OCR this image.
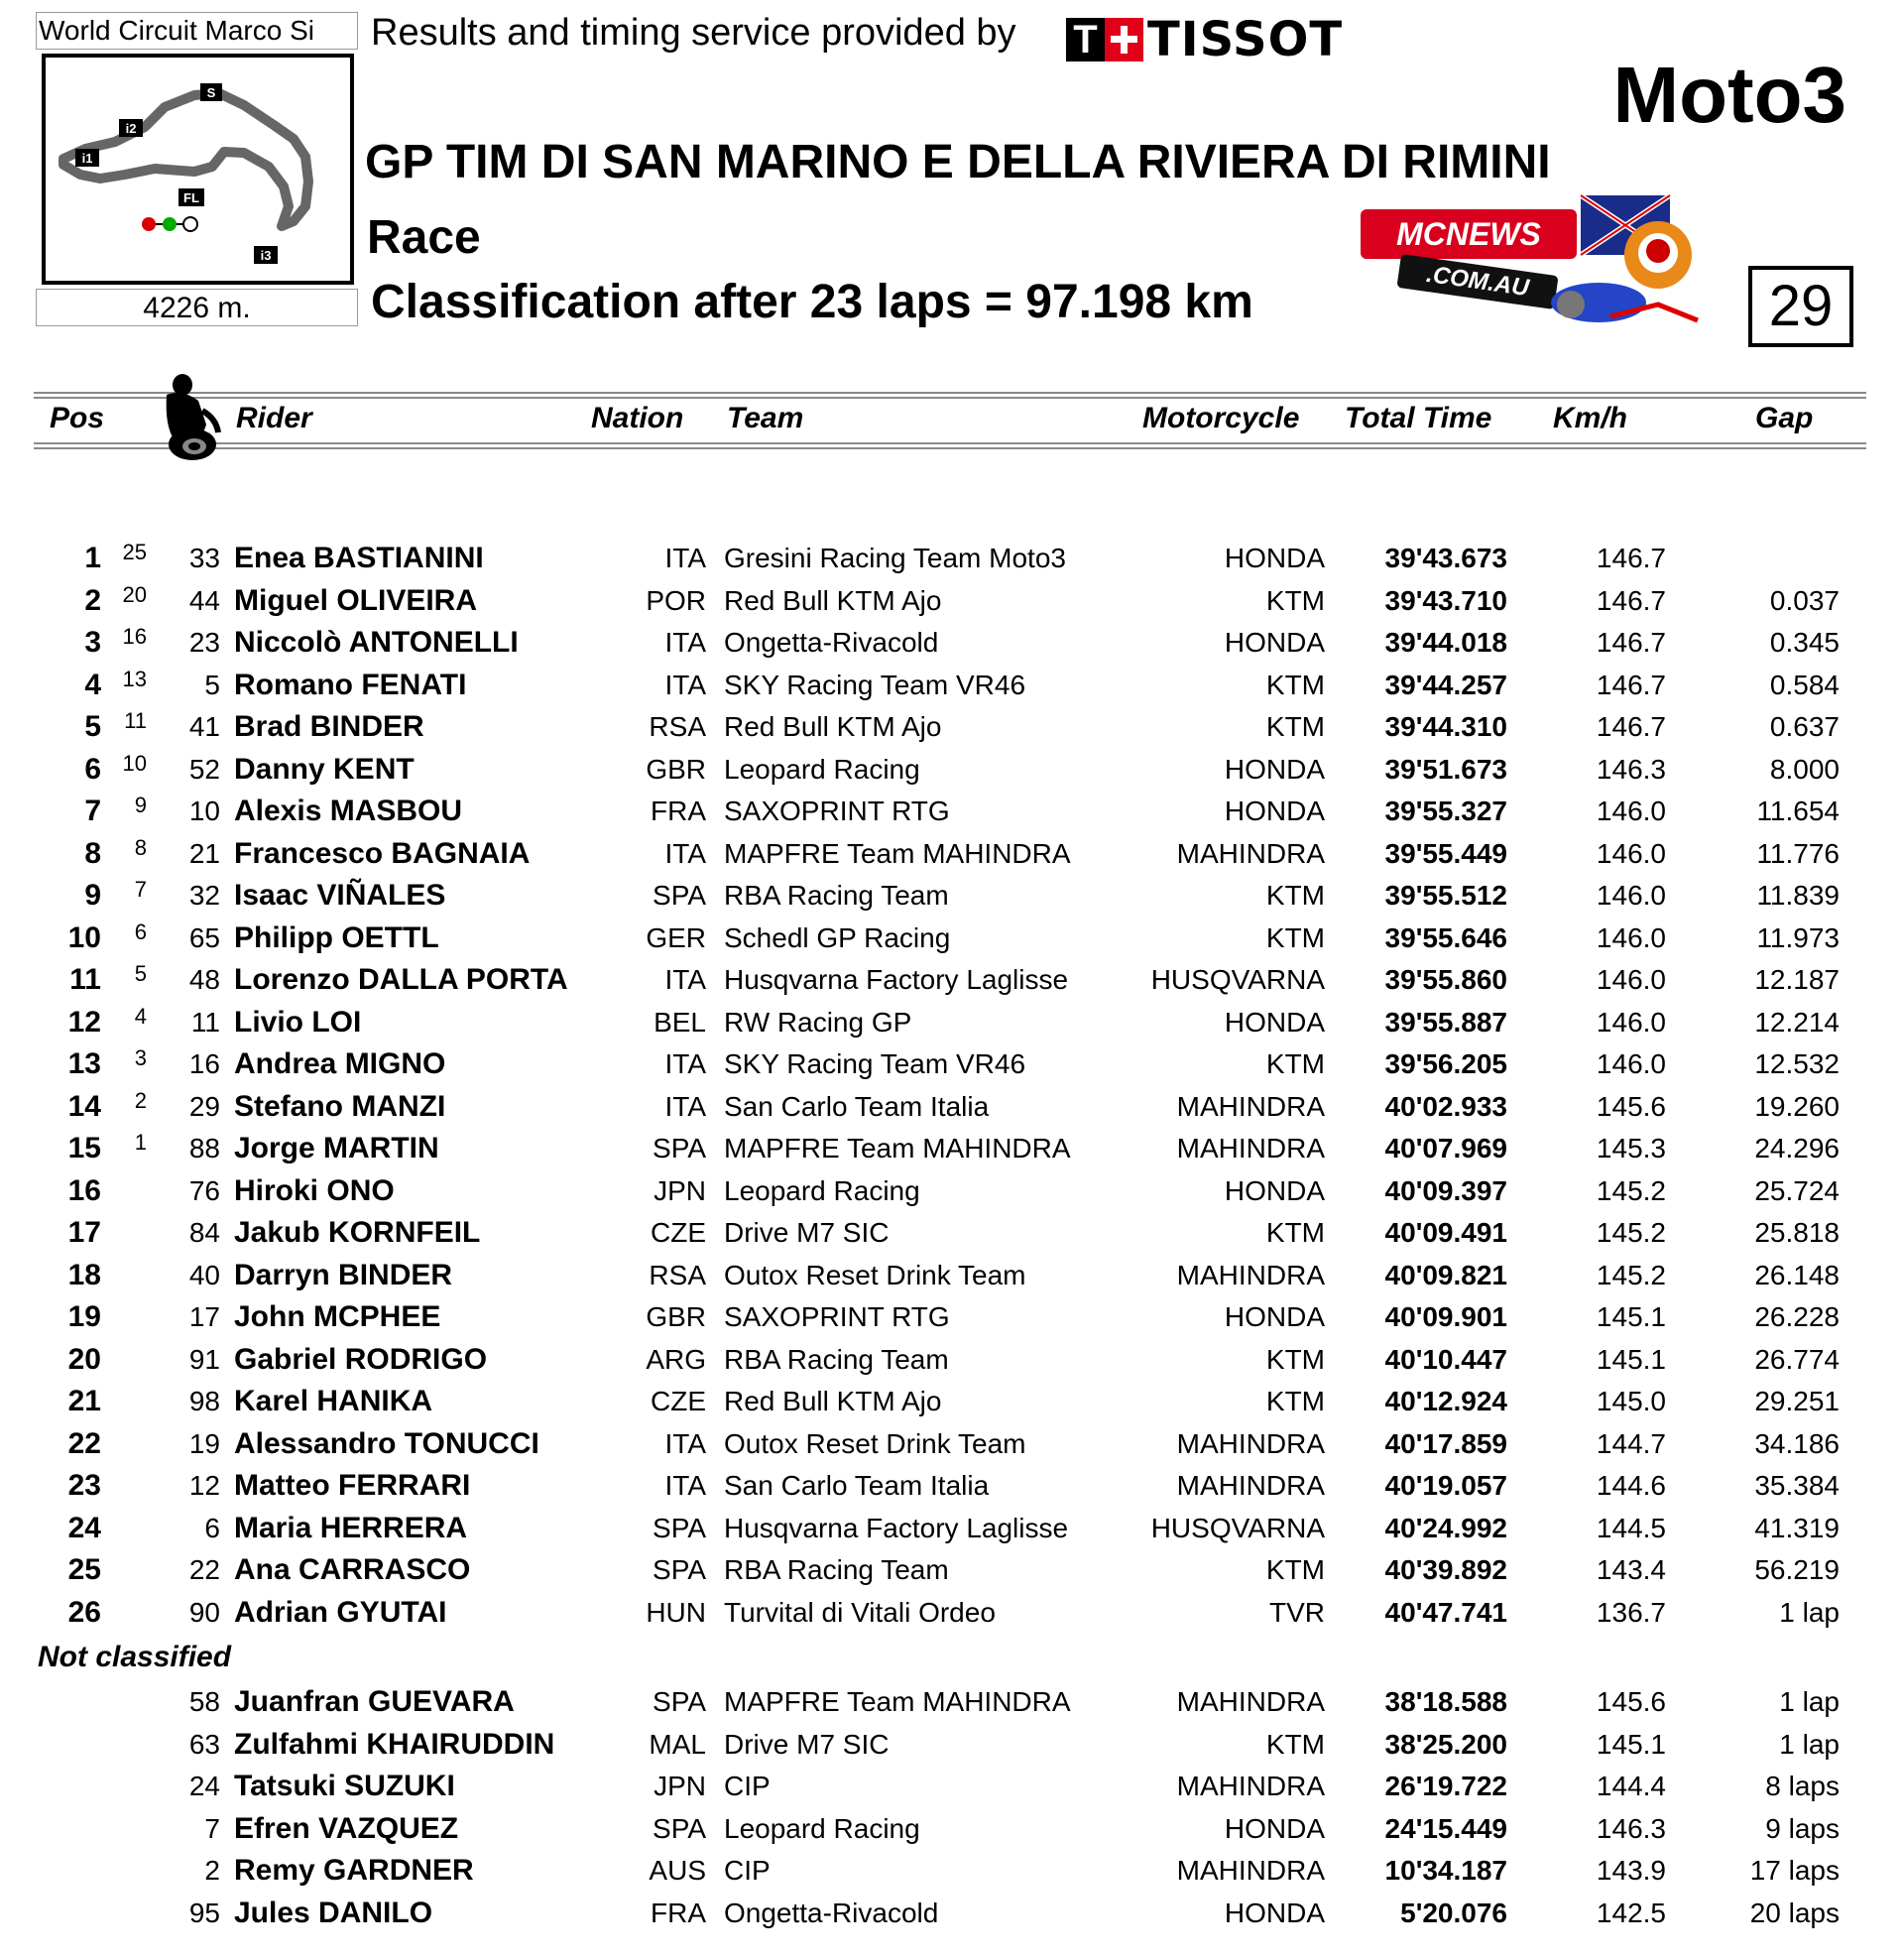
World Circuit Marco Si
i1
i2
S
FL
i3
4226 m.
Results and timing service provided by T TISSOT
Moto3
GP TIM DI SAN MARINO E DELLA RIVIERA DI RIMINI
Race
Classification after 23 laps = 97.198 km
MCNEWS
.COM.AU	29
Pos	Rider	Nation Team	Motorcycle Total Time Km/h	Gap
1 25	33 Enea BASTIANINI	ITA Gresini Racing Team Moto3	HONDA	39'43.673	146.7
2 20	44 Miguel OLIVEIRA	POR Red Bull KTM Ajo	KTM	39'43.710	146.7	0.037
3 16	23 Niccolò ANTONELLI	ITA Ongetta-Rivacold	HONDA	39'44.018	146.7	0.345
4 13	5 Romano FENATI	ITA SKY Racing Team VR46	KTM	39'44.257	146.7	0.584
5	11	41 Brad BINDER	RSA Red Bull KTM Ajo	KTM	39'44.310	146.7	0.637
6 10	52 Danny KENT	GBR Leopard Racing	HONDA	39'51.673	146.3	8.000
7	9	10 Alexis MASBOU	FRA SAXOPRINT RTG	HONDA	39'55.327	146.0	11.654
8	8	21 Francesco BAGNAIA	ITA MAPFRE Team MAHINDRA	MAHINDRA	39'55.449	146.0	11.776
9	7	32 Isaac VIÑALES	SPA RBA Racing Team	KTM	39'55.512	146.0	11.839
10	6	65 Philipp OETTL	GER Schedl GP Racing	KTM	39'55.646	146.0	11.973
11	5	48 Lorenzo DALLA PORTA	ITA Husqvarna Factory Laglisse	HUSQVARNA	39'55.860	146.0	12.187
12	4	11 Livio LOI	BEL RW Racing GP	HONDA	39'55.887	146.0	12.214
13	3	16 Andrea MIGNO	ITA SKY Racing Team VR46	KTM	39'56.205	146.0	12.532
14	2	29 Stefano MANZI	ITA San Carlo Team Italia	MAHINDRA	40'02.933	145.6	19.260
15	1	88 Jorge MARTIN	SPA MAPFRE Team MAHINDRA	MAHINDRA	40'07.969	145.3	24.296
16	76 Hiroki ONO	JPN Leopard Racing	HONDA	40'09.397	145.2	25.724
17	84 Jakub KORNFEIL	CZE Drive M7 SIC	KTM	40'09.491	145.2	25.818
18	40 Darryn BINDER	RSA Outox Reset Drink Team	MAHINDRA	40'09.821	145.2	26.148
19	17 John MCPHEE	GBR SAXOPRINT RTG	HONDA	40'09.901	145.1	26.228
20	91 Gabriel RODRIGO	ARG RBA Racing Team	KTM	40'10.447	145.1	26.774
21	98 Karel HANIKA	CZE Red Bull KTM Ajo	KTM	40'12.924	145.0	29.251
22	19 Alessandro TONUCCI	ITA Outox Reset Drink Team	MAHINDRA	40'17.859	144.7	34.186
23	12 Matteo FERRARI	ITA San Carlo Team Italia	MAHINDRA	40'19.057	144.6	35.384
24	6 Maria HERRERA	SPA Husqvarna Factory Laglisse	HUSQVARNA	40'24.992	144.5	41.319
25	22 Ana CARRASCO	SPA RBA Racing Team	KTM	40'39.892	143.4	56.219
26	90 Adrian GYUTAI	HUN Turvital di Vitali Ordeo	TVR	40'47.741	136.7	1 lap
58 Juanfran GUEVARA	SPA MAPFRE Team MAHINDRA	MAHINDRA	38'18.588	145.6	1 lap
63 Zulfahmi KHAIRUDDIN	MAL Drive M7 SIC	KTM	38'25.200	145.1	1 lap
24 Tatsuki SUZUKI	JPN CIP	MAHINDRA	26'19.722	144.4	8 laps
7 Efren VAZQUEZ	SPA Leopard Racing	HONDA	24'15.449	146.3	9 laps
2 Remy GARDNER	AUS CIP	MAHINDRA	10'34.187	143.9	17 laps
95 Jules DANILO	FRA Ongetta-Rivacold	HONDA	5'20.076	142.5	20 laps
Not classified
